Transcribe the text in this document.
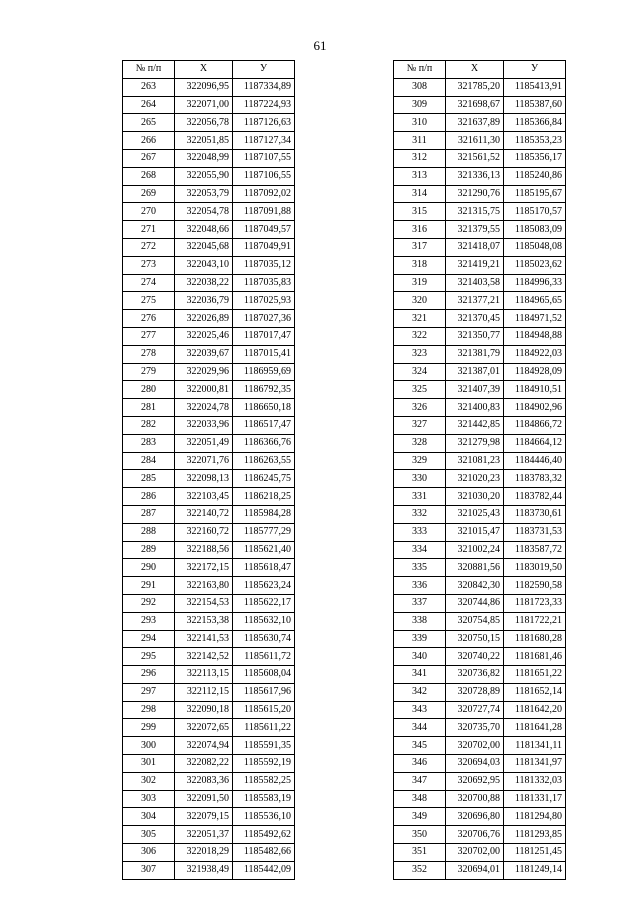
61
№ п/п	Х	У
263	322096,95	1187334,89
264	322071,00	1187224,93
265	322056,78	1187126,63
266	322051,85	1187127,34
267	322048,99	1187107,55
268	322055,90	1187106,55
269	322053,79	1187092,02
270	322054,78	1187091,88
271	322048,66	1187049,57
272	322045,68	1187049,91
273	322043,10	1187035,12
274	322038,22	1187035,83
275	322036,79	1187025,93
276	322026,89	1187027,36
277	322025,46	1187017,47
278	322039,67	1187015,41
279	322029,96	1186959,69
280	322000,81	1186792,35
281	322024,78	1186650,18
282	322033,96	1186517,47
283	322051,49	1186366,76
284	322071,76	1186263,55
285	322098,13	1186245,75
286	322103,45	1186218,25
287	322140,72	1185984,28
288	322160,72	1185777,29
289	322188,56	1185621,40
290	322172,15	1185618,47
291	322163,80	1185623,24
292	322154,53	1185622,17
293	322153,38	1185632,10
294	322141,53	1185630,74
295	322142,52	1185611,72
296	322113,15	1185608,04
297	322112,15	1185617,96
298	322090,18	1185615,20
299	322072,65	1185611,22
300	322074,94	1185591,35
301	322082,22	1185592,19
302	322083,36	1185582,25
303	322091,50	1185583,19
304	322079,15	1185536,10
305	322051,37	1185492,62
306	322018,29	1185482,66
307	321938,49	1185442,09
№ п/п	Х	У
308	321785,20	1185413,91
309	321698,67	1185387,60
310	321637,89	1185366,84
311	321611,30	1185353,23
312	321561,52	1185356,17
313	321336,13	1185240,86
314	321290,76	1185195,67
315	321315,75	1185170,57
316	321379,55	1185083,09
317	321418,07	1185048,08
318	321419,21	1185023,62
319	321403,58	1184996,33
320	321377,21	1184965,65
321	321370,45	1184971,52
322	321350,77	1184948,88
323	321381,79	1184922,03
324	321387,01	1184928,09
325	321407,39	1184910,51
326	321400,83	1184902,96
327	321442,85	1184866,72
328	321279,98	1184664,12
329	321081,23	1184446,40
330	321020,23	1183783,32
331	321030,20	1183782,44
332	321025,43	1183730,61
333	321015,47	1183731,53
334	321002,24	1183587,72
335	320881,56	1183019,50
336	320842,30	1182590,58
337	320744,86	1181723,33
338	320754,85	1181722,21
339	320750,15	1181680,28
340	320740,22	1181681,46
341	320736,82	1181651,22
342	320728,89	1181652,14
343	320727,74	1181642,20
344	320735,70	1181641,28
345	320702,00	1181341,11
346	320694,03	1181341,97
347	320692,95	1181332,03
348	320700,88	1181331,17
349	320696,80	1181294,80
350	320706,76	1181293,85
351	320702,00	1181251,45
352	320694,01	1181249,14
